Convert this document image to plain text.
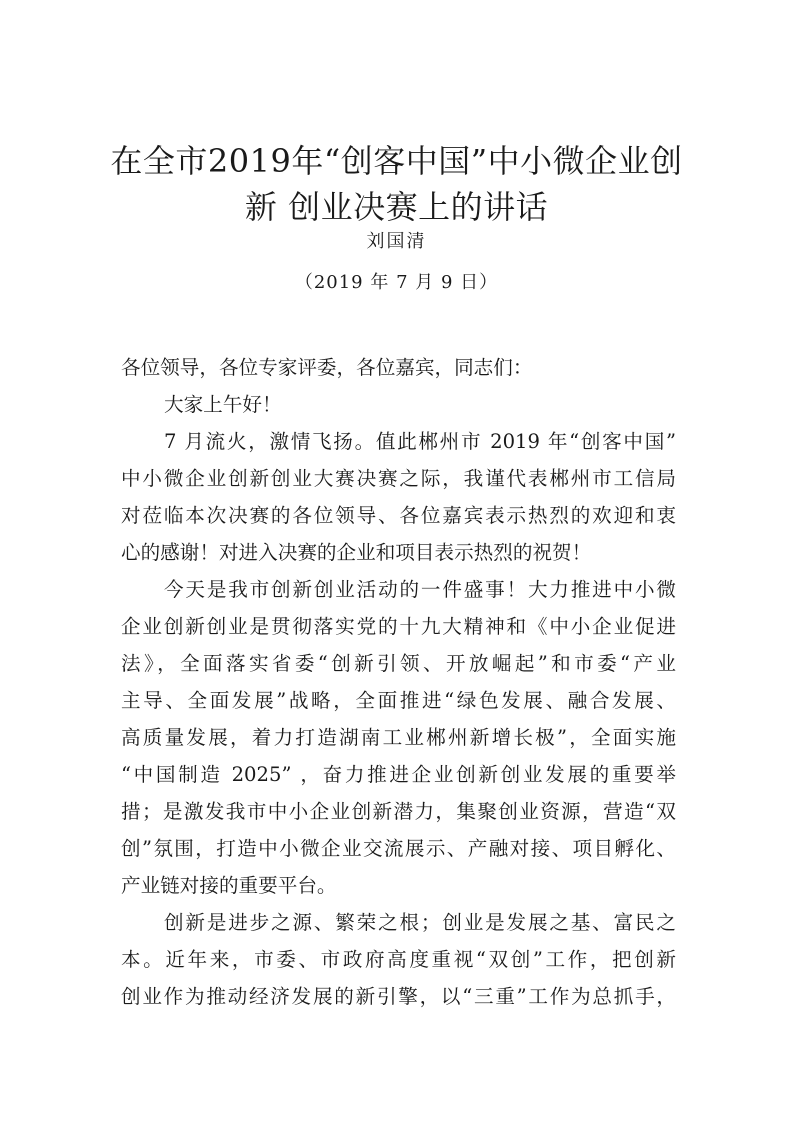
在全市2019年“创客中国”中小微企业创
新 创业决赛上的讲话
刘国清
（2019 年 7 月 9 日）
各位领导，各位专家评委，各位嘉宾，同志们：
大家上午好！
7 月流火，激情飞扬。值此郴州市 2019 年“创客中国”
中小微企业创新创业大赛决赛之际，我谨代表郴州市工信局
对莅临本次决赛的各位领导、各位嘉宾表示热烈的欢迎和衷
心的感谢！对进入决赛的企业和项目表示热烈的祝贺！
今天是我市创新创业活动的一件盛事！大力推进中小微
企业创新创业是贯彻落实党的十九大精神和《中小企业促进
法》，全面落实省委“创新引领、开放崛起”和市委“产业
主导、全面发展”战略，全面推进“绿色发展、融合发展、
高质量发展，着力打造湖南工业郴州新增长极”，全面实施
“中国制造 2025” ，奋力推进企业创新创业发展的重要举
措；是激发我市中小企业创新潜力，集聚创业资源，营造“双
创”氛围，打造中小微企业交流展示、产融对接、项目孵化、
产业链对接的重要平台。
创新是进步之源、繁荣之根；创业是发展之基、富民之
本。近年来，市委、市政府高度重视“双创”工作，把创新
创业作为推动经济发展的新引擎，以“三重”工作为总抓手，
